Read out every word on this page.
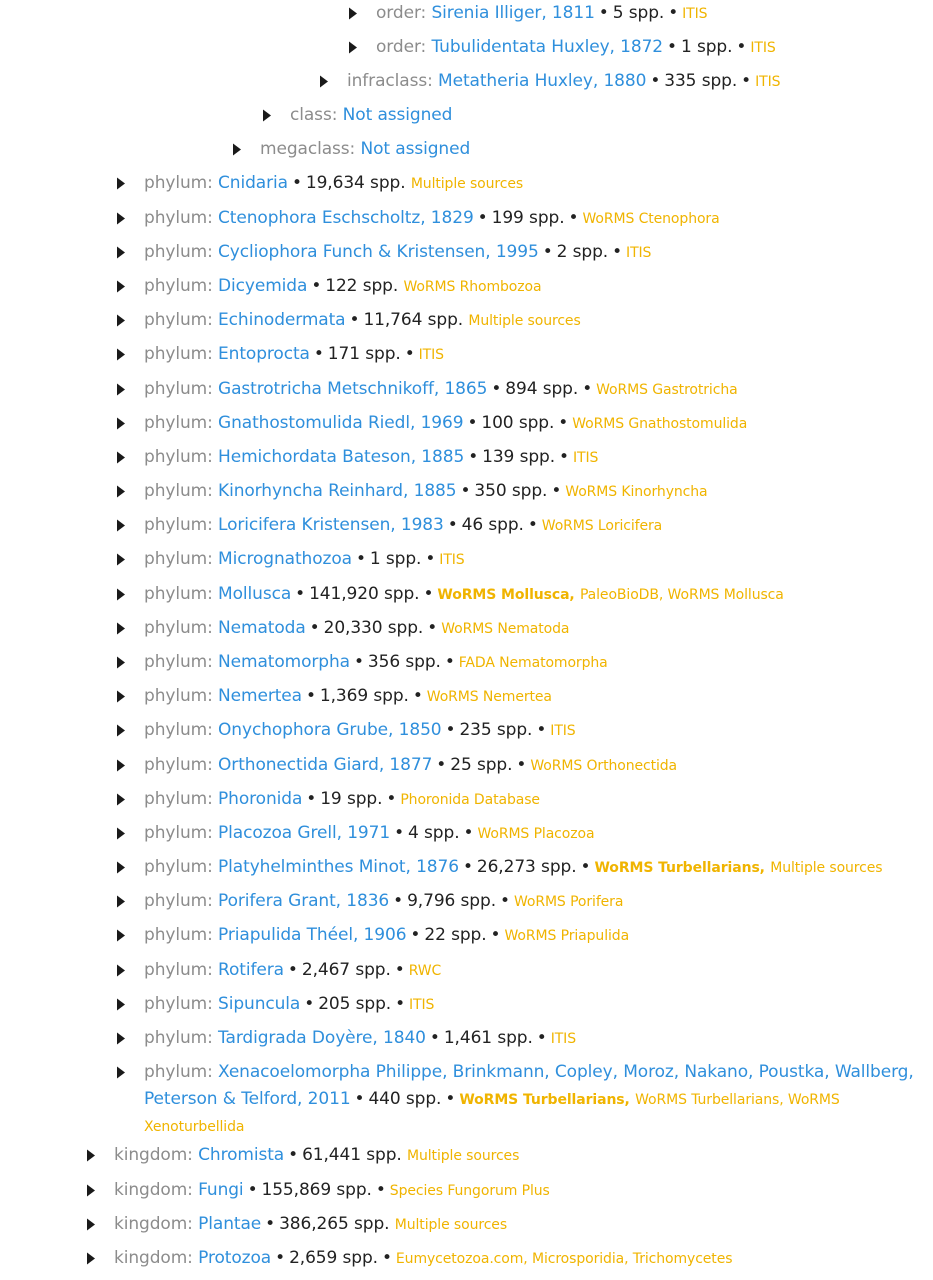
order: Sirenia Illiger, 1811 • 5 spp. • ITIS
order: Tubulidentata Huxley, 1872 • 1 spp. • ITIS
infraclass: Metatheria Huxley, 1880 • 335 spp. • ITIS
class: Not assigned
megaclass: Not assigned
phylum: Cnidaria • 19,634 spp. Multiple sources
phylum: Ctenophora Eschscholtz, 1829 • 199 spp. • WoRMS Ctenophora
phylum: Cycliophora Funch & Kristensen, 1995 • 2 spp. • ITIS
phylum: Dicyemida • 122 spp. WoRMS Rhombozoa
phylum: Echinodermata • 11,764 spp. Multiple sources
phylum: Entoprocta • 171 spp. • ITIS
phylum: Gastrotricha Metschnikoff, 1865 • 894 spp. • WoRMS Gastrotricha
phylum: Gnathostomulida Riedl, 1969 • 100 spp. • WoRMS Gnathostomulida
phylum: Hemichordata Bateson, 1885 • 139 spp. • ITIS
phylum: Kinorhyncha Reinhard, 1885 • 350 spp. • WoRMS Kinorhyncha
phylum: Loricifera Kristensen, 1983 • 46 spp. • WoRMS Loricifera
phylum: Micrognathozoa • 1 spp. • ITIS
phylum: Mollusca • 141,920 spp. • WoRMS Mollusca, PaleoBioDB, WoRMS Mollusca
phylum: Nematoda • 20,330 spp. • WoRMS Nematoda
phylum: Nematomorpha • 356 spp. • FADA Nematomorpha
phylum: Nemertea • 1,369 spp. • WoRMS Nemertea
phylum: Onychophora Grube, 1850 • 235 spp. • ITIS
phylum: Orthonectida Giard, 1877 • 25 spp. • WoRMS Orthonectida
phylum: Phoronida • 19 spp. • Phoronida Database
phylum: Placozoa Grell, 1971 • 4 spp. • WoRMS Placozoa
phylum: Platyhelminthes Minot, 1876 • 26,273 spp. • WoRMS Turbellarians, Multiple sources
phylum: Porifera Grant, 1836 • 9,796 spp. • WoRMS Porifera
phylum: Priapulida Théel, 1906 • 22 spp. • WoRMS Priapulida
phylum: Rotifera • 2,467 spp. • RWC
phylum: Sipuncula • 205 spp. • ITIS
phylum: Tardigrada Doyère, 1840 • 1,461 spp. • ITIS
phylum: Xenacoelomorpha Philippe, Brinkmann, Copley, Moroz, Nakano, Poustka, Wallberg, Peterson & Telford, 2011 • 440 spp. • WoRMS Turbellarians, WoRMS Turbellarians, WoRMS Xenoturbellida
kingdom: Chromista • 61,441 spp. Multiple sources
kingdom: Fungi • 155,869 spp. • Species Fungorum Plus
kingdom: Plantae • 386,265 spp. Multiple sources
kingdom: Protozoa • 2,659 spp. • Eumycetozoa.com, Microsporidia, Trichomycetes
